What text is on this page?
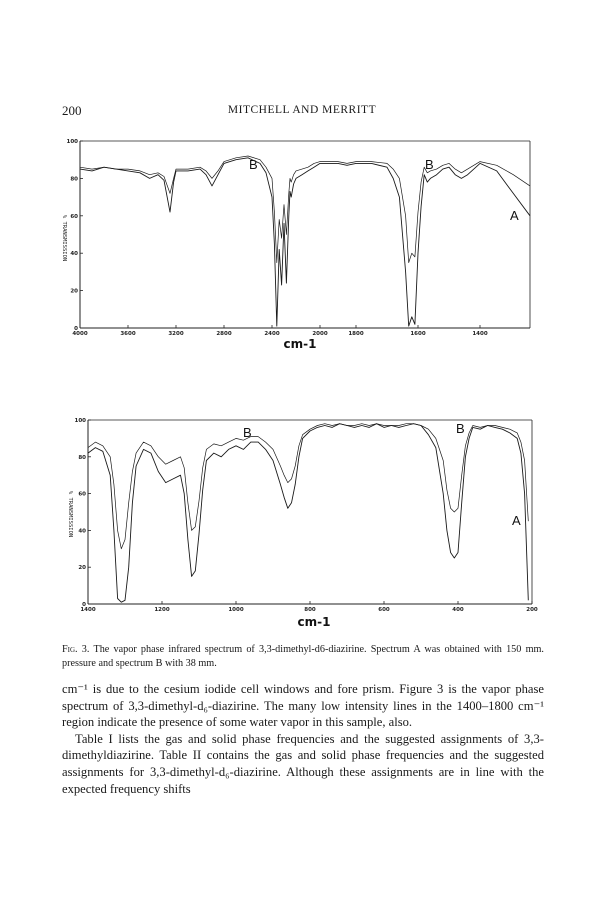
200	MITCHELL AND MERRITT
% TRANSMISSION
cm-1
B	B
A
4000	3600	3200	2800	2400	2000	1800	1600	1400
0
20
40
60
80
100
% TRANSMISSION
cm-1
B	B
A
1400	1200	1000	800	600	400	200
0
20
40
60
80
100
Fig. 3. The vapor phase infrared spectrum of 3,3-dimethyl-d6-diazirine. Spectrum A was obtained with 150 mm. pressure and spectrum B with 38 mm.

cm⁻¹ is due to the cesium iodide cell windows and fore prism. Figure 3 is the vapor phase spectrum of 3,3-dimethyl-d₆-diazirine. The many low intensity lines in the 1400–1800 cm⁻¹ region indicate the presence of some water vapor in this sample, also.

Table I lists the gas and solid phase frequencies and the suggested assignments of 3,3-dimethyldiazirine. Table II contains the gas and solid phase frequencies and the suggested assignments for 3,3-dimethyl-d₆-diazirine. Although these assignments are in line with the expected frequency shifts
